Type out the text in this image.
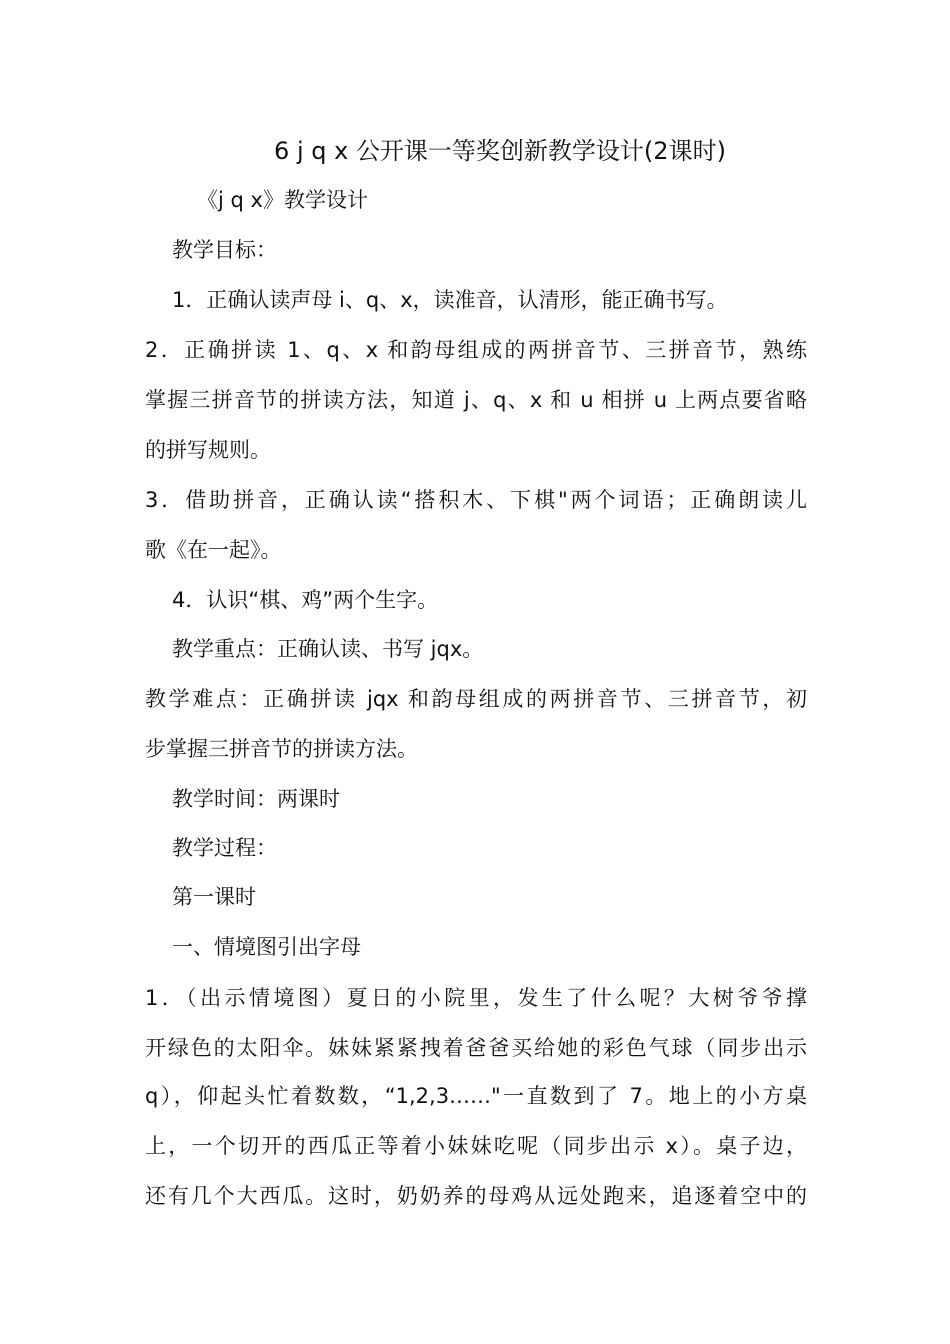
6 j q x 公开课一等奖创新教学设计(2课时)
《j q x》教学设计
教学目标：
1．正确认读声母 i、q、x，读准音，认清形，能正确书写。
2．正确拼读 1、q、x 和韵母组成的两拼音节、三拼音节，熟练
掌握三拼音节的拼读方法，知道 j、q、x 和 u 相拼 u 上两点要省略
的拼写规则。
3．借助拼音，正确认读“搭积木、下棋"两个词语；正确朗读儿
歌《在一起》。
4．认识“棋、鸡”两个生字。
教学重点：正确认读、书写 jqx。
教学难点：正确拼读 jqx 和韵母组成的两拼音节、三拼音节，初
步掌握三拼音节的拼读方法。
教学时间：两课时
教学过程：
第一课时
一、情境图引出字母
1．（出示情境图）夏日的小院里，发生了什么呢？大树爷爷撑
开绿色的太阳伞。妹妹紧紧拽着爸爸买给她的彩色气球（同步出示
q），仰起头忙着数数，“1,2,3……"一直数到了 7。地上的小方桌
上，一个切开的西瓜正等着小妹妹吃呢（同步出示 x）。桌子边，
还有几个大西瓜。这时，奶奶养的母鸡从远处跑来，追逐着空中的
